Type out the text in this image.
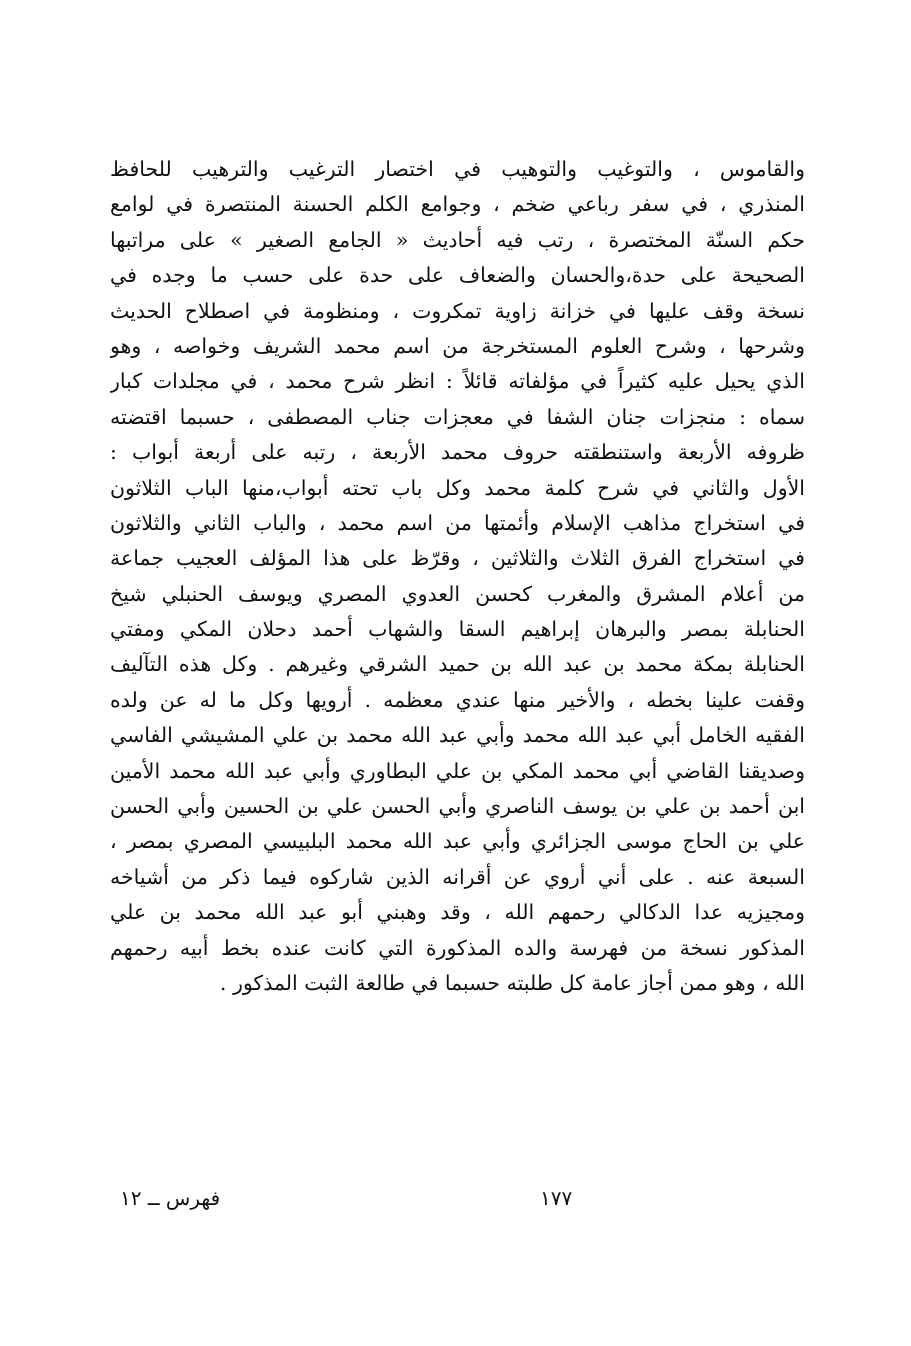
والقاموس ، والتوغيب والتوهيب في اختصار الترغيب والترهيب للحافظ
المنذري ، في سفر رباعي ضخم ، وجوامع الكلم الحسنة المنتصرة في لوامع
حكم السنّة المختصرة ، رتب فيه أحاديث « الجامع الصغير » على مراتبها
الصحيحة على حدة،والحسان والضعاف على حدة على حسب ما وجده في
نسخة وقف عليها في خزانة زاوية تمكروت ، ومنظومة في اصطلاح الحديث
وشرحها ، وشرح العلوم المستخرجة من اسم محمد الشريف وخواصه ، وهو
الذي يحيل عليه كثيراً في مؤلفاته قائلاً : انظر شرح محمد ، في مجلدات كبار
سماه : منجزات جنان الشفا في معجزات جناب المصطفى ، حسبما اقتضته
ظروفه الأربعة واستنطقته حروف محمد الأربعة ، رتبه على أربعة أبواب :
الأول والثاني في شرح كلمة محمد وكل باب تحته أبواب،منها الباب الثلاثون
في استخراج مذاهب الإسلام وأئمتها من اسم محمد ، والباب الثاني والثلاثون
في استخراج الفرق الثلاث والثلاثين ، وقرّظ على هذا المؤلف العجيب جماعة
من أعلام المشرق والمغرب كحسن العدوي المصري ويوسف الحنبلي شيخ
الحنابلة بمصر والبرهان إبراهيم السقا والشهاب أحمد دحلان المكي ومفتي
الحنابلة بمكة محمد بن عبد الله بن حميد الشرقي وغيرهم . وكل هذه التآليف
وقفت علينا بخطه ، والأخير منها عندي معظمه . أرويها وكل ما له عن ولده
الفقيه الخامل أبي عبد الله محمد وأبي عبد الله محمد بن علي المشيشي الفاسي
وصديقنا القاضي أبي محمد المكي بن علي البطاوري وأبي عبد الله محمد الأمين
ابن أحمد بن علي بن يوسف الناصري وأبي الحسن علي بن الحسين وأبي الحسن
علي بن الحاج موسى الجزائري وأبي عبد الله محمد البلبيسي المصري بمصر ،
السبعة عنه . على أني أروي عن أقرانه الذين شاركوه فيما ذكر من أشياخه
ومجيزيه عدا الدكالي رحمهم الله ، وقد وهبني أبو عبد الله محمد بن علي
المذكور نسخة من فهرسة والده المذكورة التي كانت عنده بخط أبيه رحمهم
الله ، وهو ممن أجاز عامة كل طلبته حسبما في طالعة الثبت المذكور .
١٧٧
فهرس ــ ١٢
